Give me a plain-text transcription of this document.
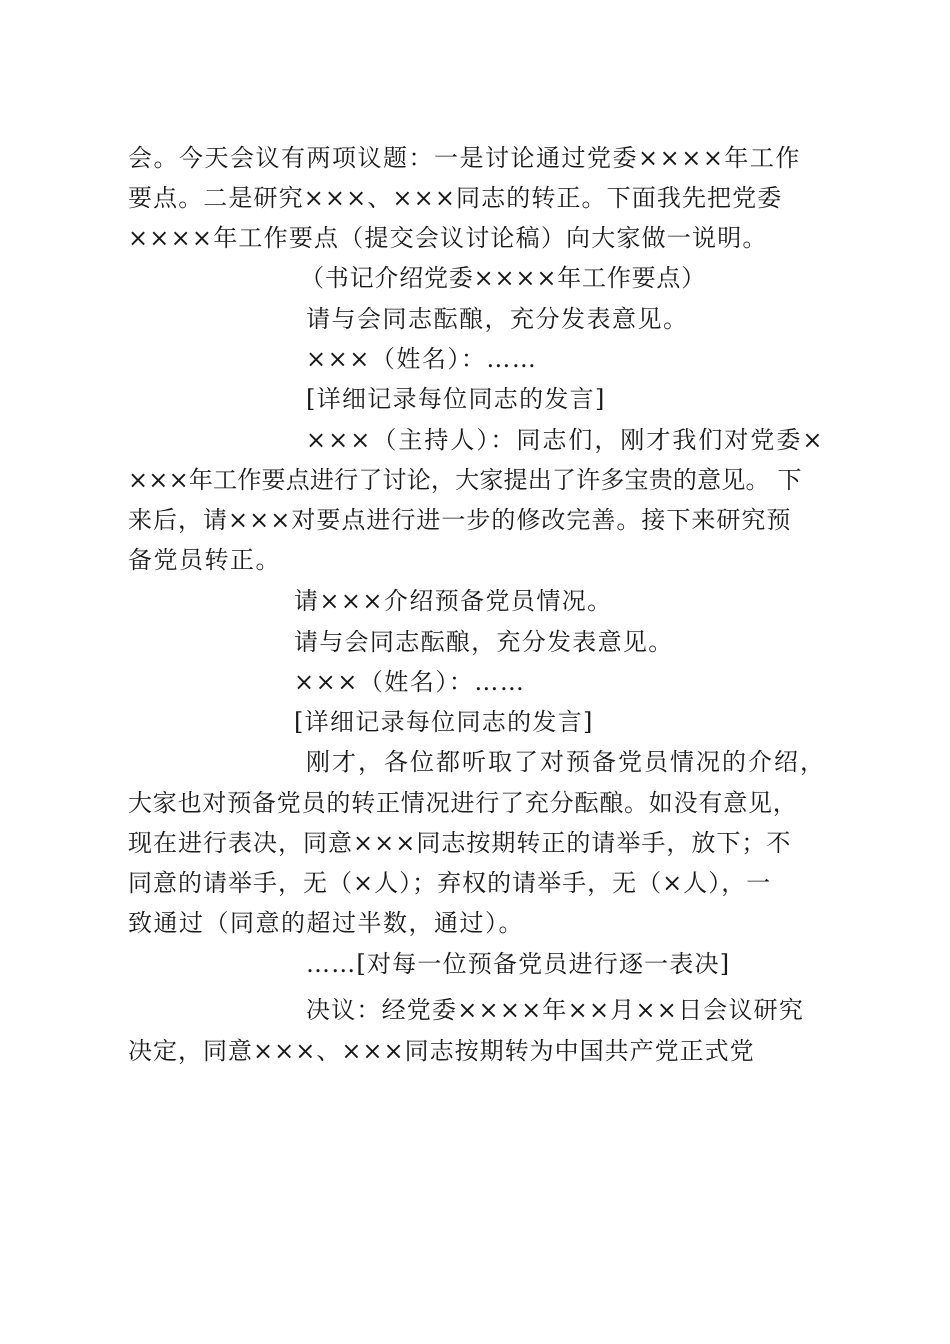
会。今天会议有两项议题：一是讨论通过党委××××年工作
要点。二是研究×××、×××同志的转正。下面我先把党委
××××年工作要点（提交会议讨论稿）向大家做一说明。
（书记介绍党委××××年工作要点）
请与会同志酝酿，充分发表意见。
×××（姓名）：……
[详细记录每位同志的发言]
×××（主持人）：同志们，刚才我们对党委×
×××年工作要点进行了讨论，大家提出了许多宝贵的意见。 下
来后，请×××对要点进行进一步的修改完善。接下来研究预
备党员转正。
请×××介绍预备党员情况。
请与会同志酝酿，充分发表意见。
×××（姓名）：……
[详细记录每位同志的发言]
刚才，各位都听取了对预备党员情况的介绍，
大家也对预备党员的转正情况进行了充分酝酿。如没有意见，
现在进行表决，同意×××同志按期转正的请举手，放下；不
同意的请举手，无（×人）；弃权的请举手，无（×人），一
致通过（同意的超过半数，通过）。
……[对每一位预备党员进行逐一表决]
决议：经党委××××年××月××日会议研究
决定，同意×××、×××同志按期转为中国共产党正式党
